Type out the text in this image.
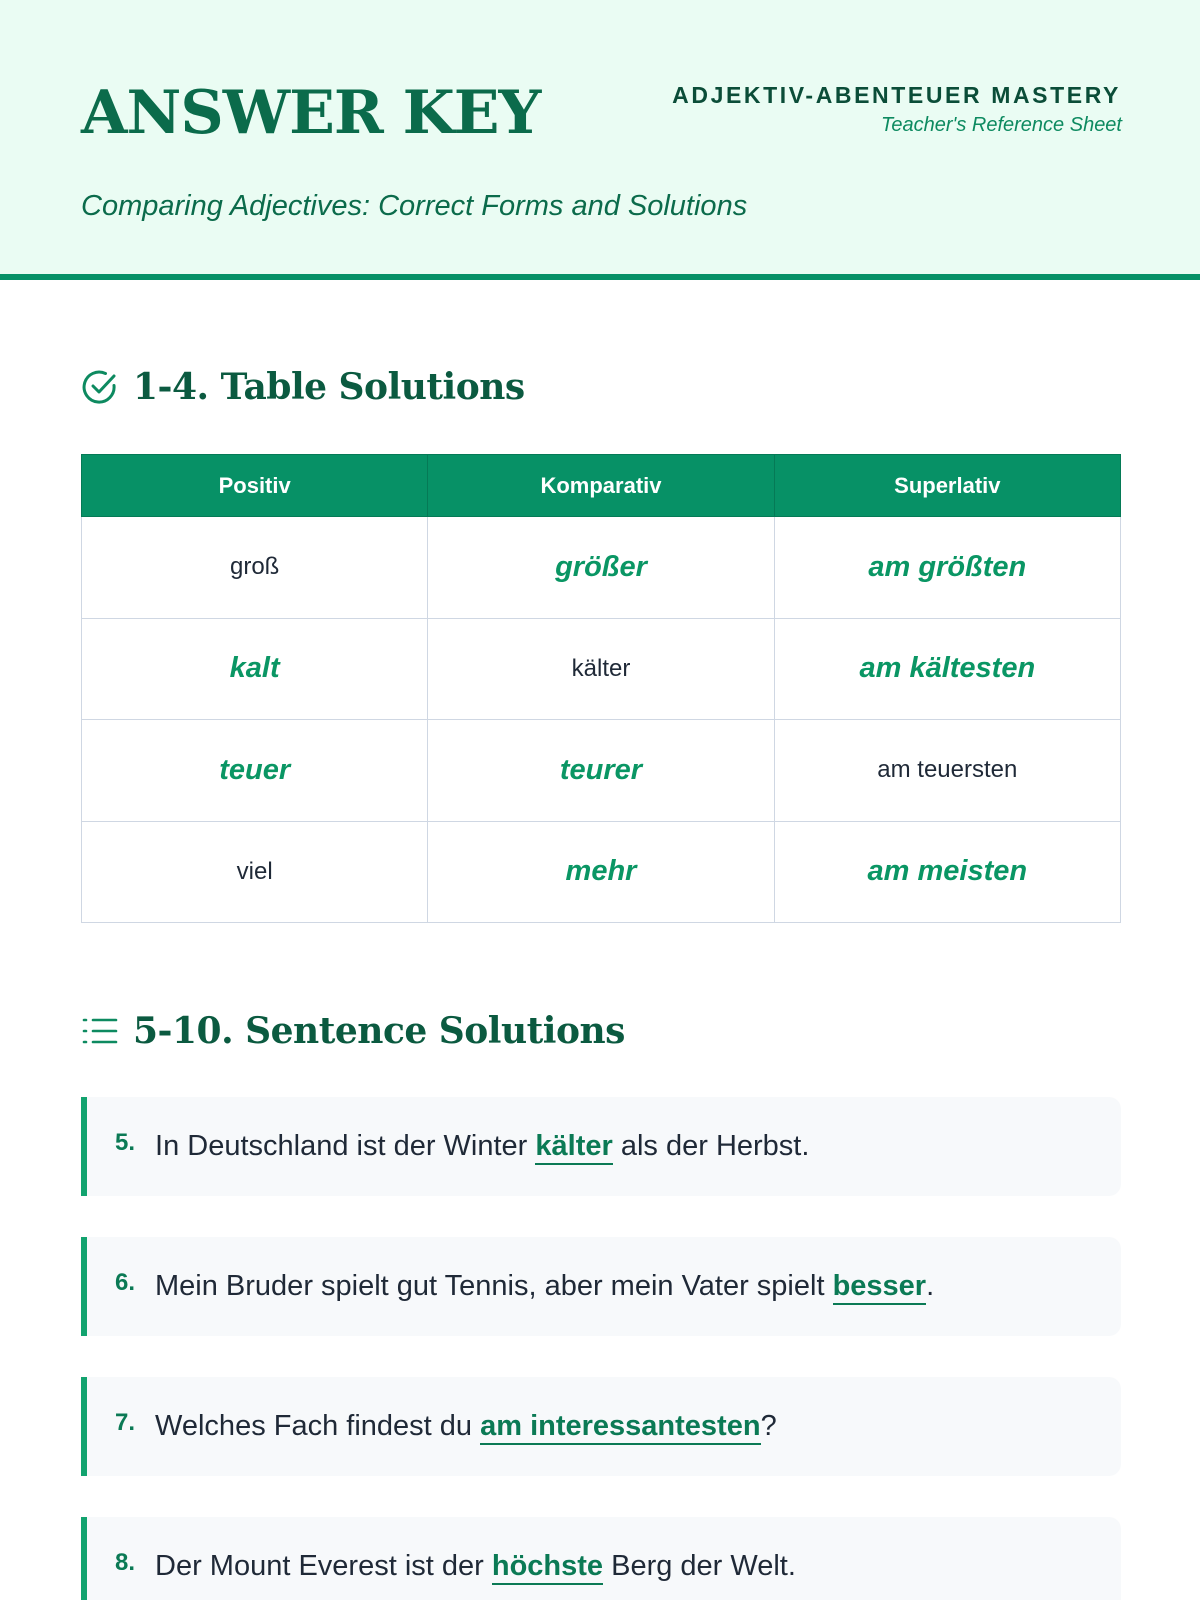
ANSWER KEY	ADJEKTIV-ABENTEUER MASTERY
Teacher's Reference Sheet
Comparing Adjectives: Correct Forms and Solutions
1-4. Table Solutions
Positiv	Komparativ	Superlativ
groß	größer	am größten
kalt	kälter	am kältesten
teuer	teurer	am teuersten
viel	mehr	am meisten
5-10. Sentence Solutions
5. In Deutschland ist der Winter kälter als der Herbst.
6. Mein Bruder spielt gut Tennis, aber mein Vater spielt besser.
7. Welches Fach findest du am interessantesten?
8. Der Mount Everest ist der höchste Berg der Welt.
